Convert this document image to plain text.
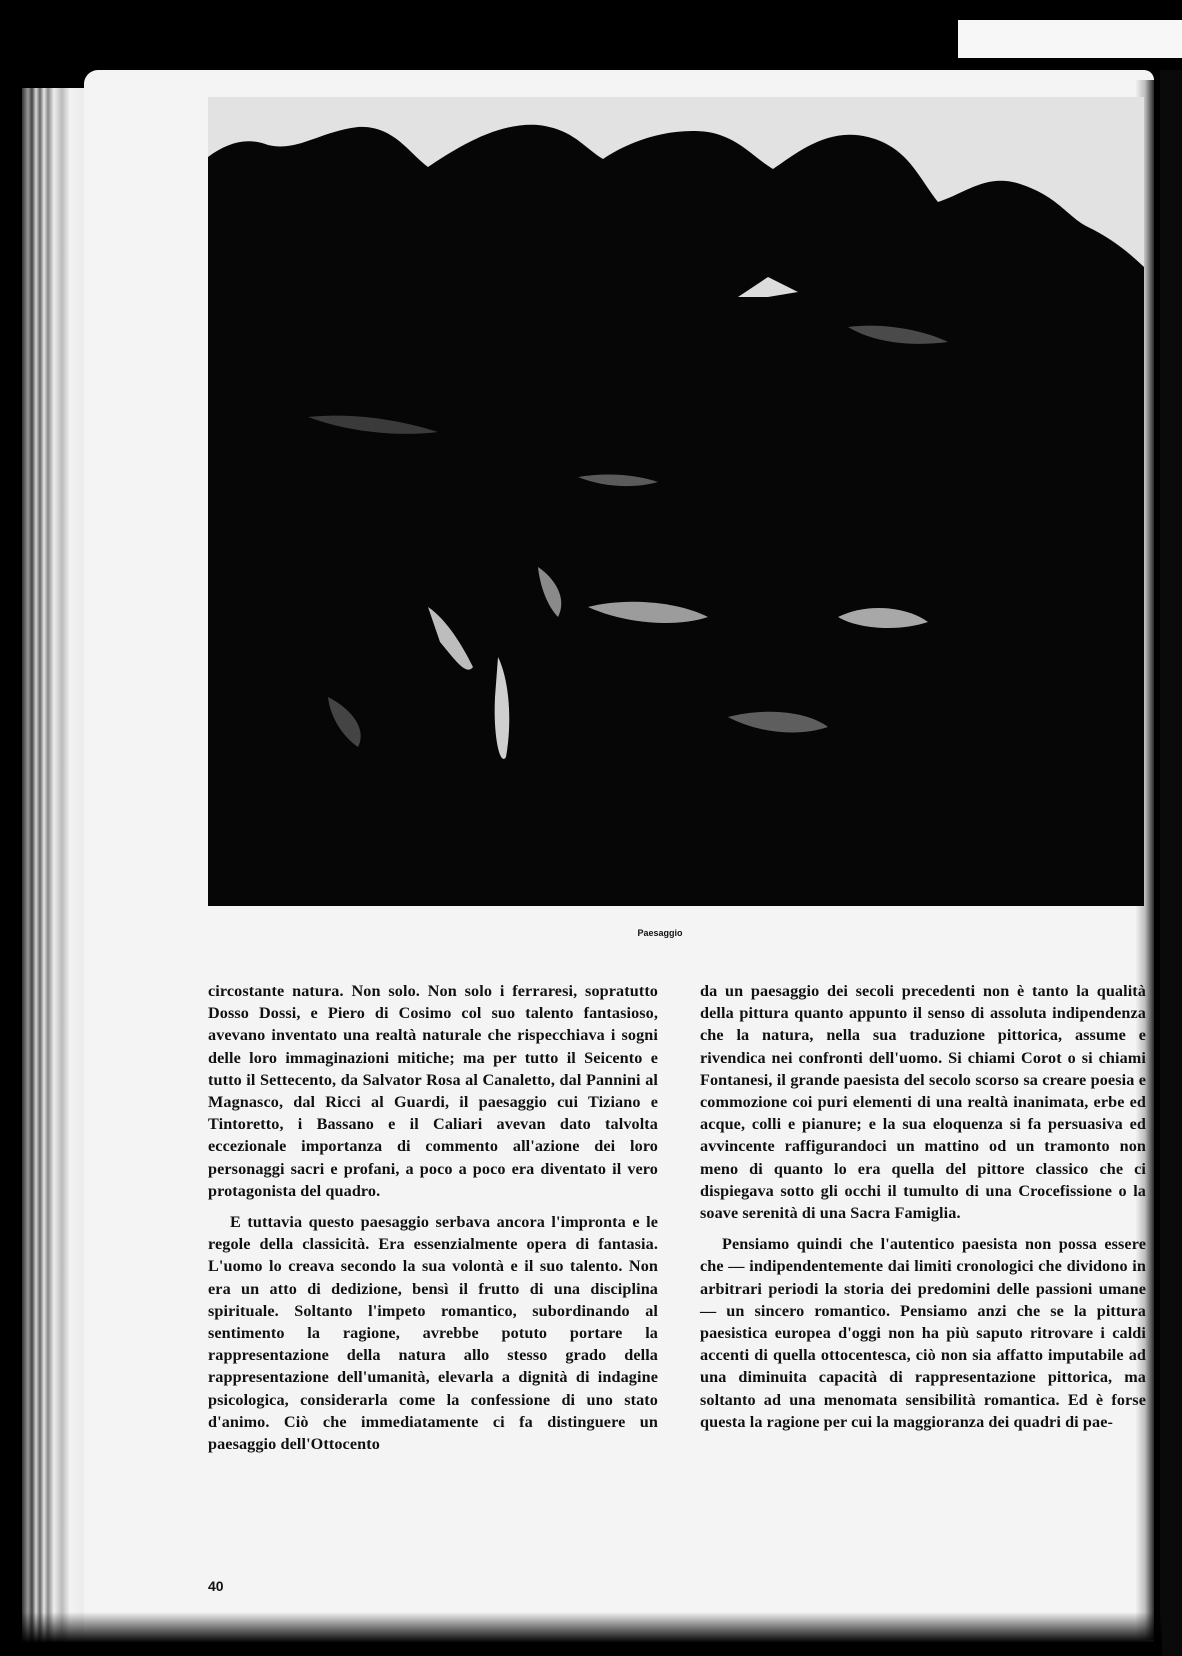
Paesaggio

circostante natura. Non solo. Non solo i ferraresi, sopratutto Dosso Dossi, e Piero di Cosimo col suo talento fantasioso, avevano inventato una realtà naturale che rispecchiava i sogni delle loro immaginazioni mitiche; ma per tutto il Seicento e tutto il Settecento, da Salvator Rosa al Canaletto, dal Pannini al Magnasco, dal Ricci al Guardi, il paesaggio cui Tiziano e Tintoretto, i Bassano e il Caliari avevan dato talvolta eccezionale importanza di commento all'azione dei loro personaggi sacri e profani, a poco a poco era diventato il vero protagonista del quadro.

E tuttavia questo paesaggio serbava ancora l'impronta e le regole della classicità. Era essenzialmente opera di fantasia. L'uomo lo creava secondo la sua volontà e il suo talento. Non era un atto di dedizione, bensì il frutto di una disciplina spirituale. Soltanto l'impeto romantico, subordinando al sentimento la ragione, avrebbe potuto portare la rappresentazione della natura allo stesso grado della rappresentazione dell'umanità, elevarla a dignità di indagine psicologica, considerarla come la confessione di uno stato d'animo. Ciò che immediatamente ci fa distinguere un paesaggio dell'Ottocento

da un paesaggio dei secoli precedenti non è tanto la qualità della pittura quanto appunto il senso di assoluta indipendenza che la natura, nella sua traduzione pittorica, assume e rivendica nei confronti dell'uomo. Si chiami Corot o si chiami Fontanesi, il grande paesista del secolo scorso sa creare poesia e commozione coi puri elementi di una realtà inanimata, erbe ed acque, colli e pianure; e la sua eloquenza si fa persuasiva ed avvincente raffigurandoci un mattino od un tramonto non meno di quanto lo era quella del pittore classico che ci dispiegava sotto gli occhi il tumulto di una Crocefissione o la soave serenità di una Sacra Famiglia.

Pensiamo quindi che l'autentico paesista non possa essere che — indipendentemente dai limiti cronologici che dividono in arbitrari periodi la storia dei predomini delle passioni umane — un sincero romantico. Pensiamo anzi che se la pittura paesistica europea d'oggi non ha più saputo ritrovare i caldi accenti di quella ottocentesca, ciò non sia affatto imputabile ad una diminuita capacità di rappresentazione pittorica, ma soltanto ad una menomata sensibilità romantica. Ed è forse questa la ragione per cui la maggioranza dei quadri di pae-

40
